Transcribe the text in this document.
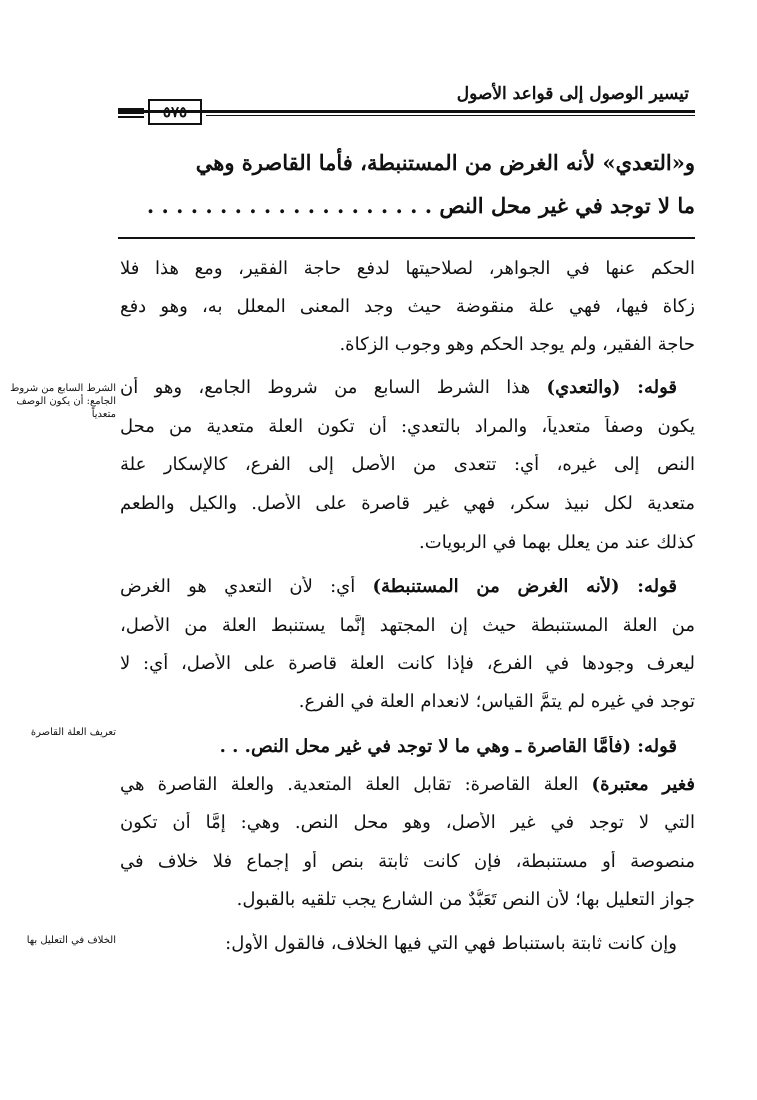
تيسير الوصول إلى قواعد الأصول
٥٧٥
و«التعدي» لأنه الغرض من المستنبطة، فأما القاصرة وهي
ما لا توجد في غير محل النص . . . . . . . . . . . . . . . . . . . .
الحكم عنها في الجواهر، لصلاحيتها لدفع حاجة الفقير، ومع هذا فلا
زكاة فيها، فهي علة منقوضة حيث وجد المعنى المعلل به، وهو دفع
حاجة الفقير، ولم يوجد الحكم وهو وجوب الزكاة.
قوله: (والتعدي) هذا الشرط السابع من شروط الجامع، وهو أن
يكون وصفاً متعدياً، والمراد بالتعدي: أن تكون العلة متعدية من محل
النص إلى غيره، أي: تتعدى من الأصل إلى الفرع، كالإسكار علة
متعدية لكل نبيذ سكر، فهي غير قاصرة على الأصل. والكيل والطعم
كذلك عند من يعلل بهما في الربويات.
قوله: (لأنه الغرض من المستنبطة) أي: لأن التعدي هو الغرض
من العلة المستنبطة حيث إن المجتهد إنَّما يستنبط العلة من الأصل،
ليعرف وجودها في الفرع، فإذا كانت العلة قاصرة على الأصل، أي: لا
توجد في غيره لم يتمَّ القياس؛ لانعدام العلة في الفرع.
قوله: (فأمَّا القاصرة ـ وهي ما لا توجد في غير محل النص. . .
فغير معتبرة) العلة القاصرة: تقابل العلة المتعدية. والعلة القاصرة هي
التي لا توجد في غير الأصل، وهو محل النص. وهي: إمَّا أن تكون
منصوصة أو مستنبطة، فإن كانت ثابتة بنص أو إجماع فلا خلاف في
جواز التعليل بها؛ لأن النص تَعَبُّدٌ من الشارع يجب تلقيه بالقبول.
وإن كانت ثابتة باستنباط فهي التي فيها الخلاف، فالقول الأول:
الشرط السابع من شروط الجامع: أن يكون الوصف متعدياً
تعريف العلة القاصرة
الخلاف في التعليل بها
